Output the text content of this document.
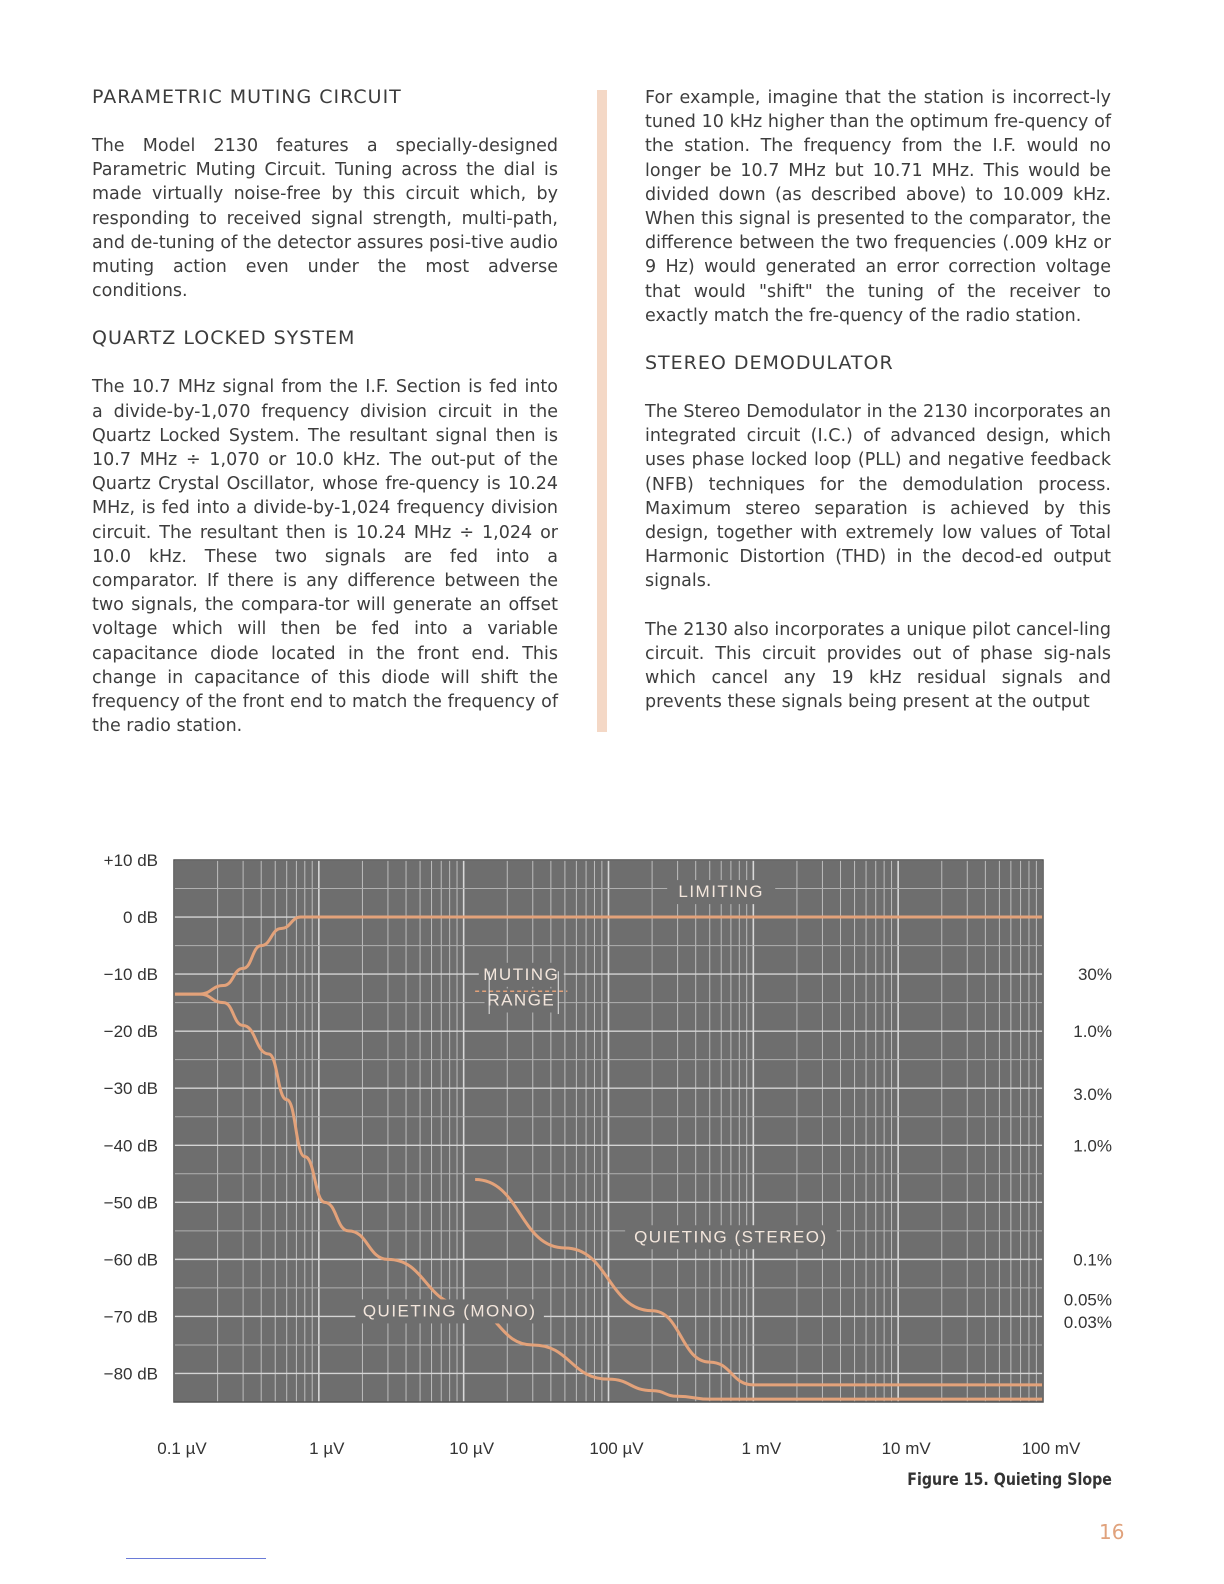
PARAMETRIC MUTING CIRCUIT

The Model 2130 features a specially-designed Parametric Muting Circuit. Tuning across the dial is made virtually noise-free by this circuit which, by responding to received signal strength, multi-path, and de-tuning of the detector assures posi-tive audio muting action even under the most adverse conditions.

QUARTZ LOCKED SYSTEM

The 10.7 MHz signal from the I.F. Section is fed into a divide-by-1,070 frequency division circuit in the Quartz Locked System. The resultant signal then is 10.7 MHz ÷ 1,070 or 10.0 kHz. The out-put of the Quartz Crystal Oscillator, whose fre-quency is 10.24 MHz, is fed into a divide-by-1,024 frequency division circuit. The resultant then is 10.24 MHz ÷ 1,024 or 10.0 kHz. These two signals are fed into a comparator. If there is any difference between the two signals, the compara-tor will generate an offset voltage which will then be fed into a variable capacitance diode located in the front end. This change in capacitance of this diode will shift the frequency of the front end to match the frequency of the radio station.

For example, imagine that the station is incorrect-ly tuned 10 kHz higher than the optimum fre-quency of the station. The frequency from the I.F. would no longer be 10.7 MHz but 10.71 MHz. This would be divided down (as described above) to 10.009 kHz. When this signal is presented to the comparator, the difference between the two frequencies (.009 kHz or 9 Hz) would generated an error correction voltage that would "shift" the tuning of the receiver to exactly match the fre-quency of the radio station.

STEREO DEMODULATOR

The Stereo Demodulator in the 2130 incorporates an integrated circuit (I.C.) of advanced design, which uses phase locked loop (PLL) and negative feedback (NFB) techniques for the demodulation process. Maximum stereo separation is achieved by this design, together with extremely low values of Total Harmonic Distortion (THD) in the decod-ed output signals.

The 2130 also incorporates a unique pilot cancel-ling circuit. This circuit provides out of phase sig-nals which cancel any 19 kHz residual signals and prevents these signals being present at the output

+10 dB
0 dB
−10 dB
−20 dB
−30 dB
−40 dB
−50 dB
−60 dB
−70 dB
−80 dB
0.1 µV	1 µV	10 µV	100 µV	1 mV	10 mV	100 mV
30%
1.0%
3.0%
1.0%
0.1%
0.05%
0.03%
LIMITING
MUTING
RANGE
QUIETING (STEREO)
QUIETING (MONO)
Figure 15. Quieting Slope
16
